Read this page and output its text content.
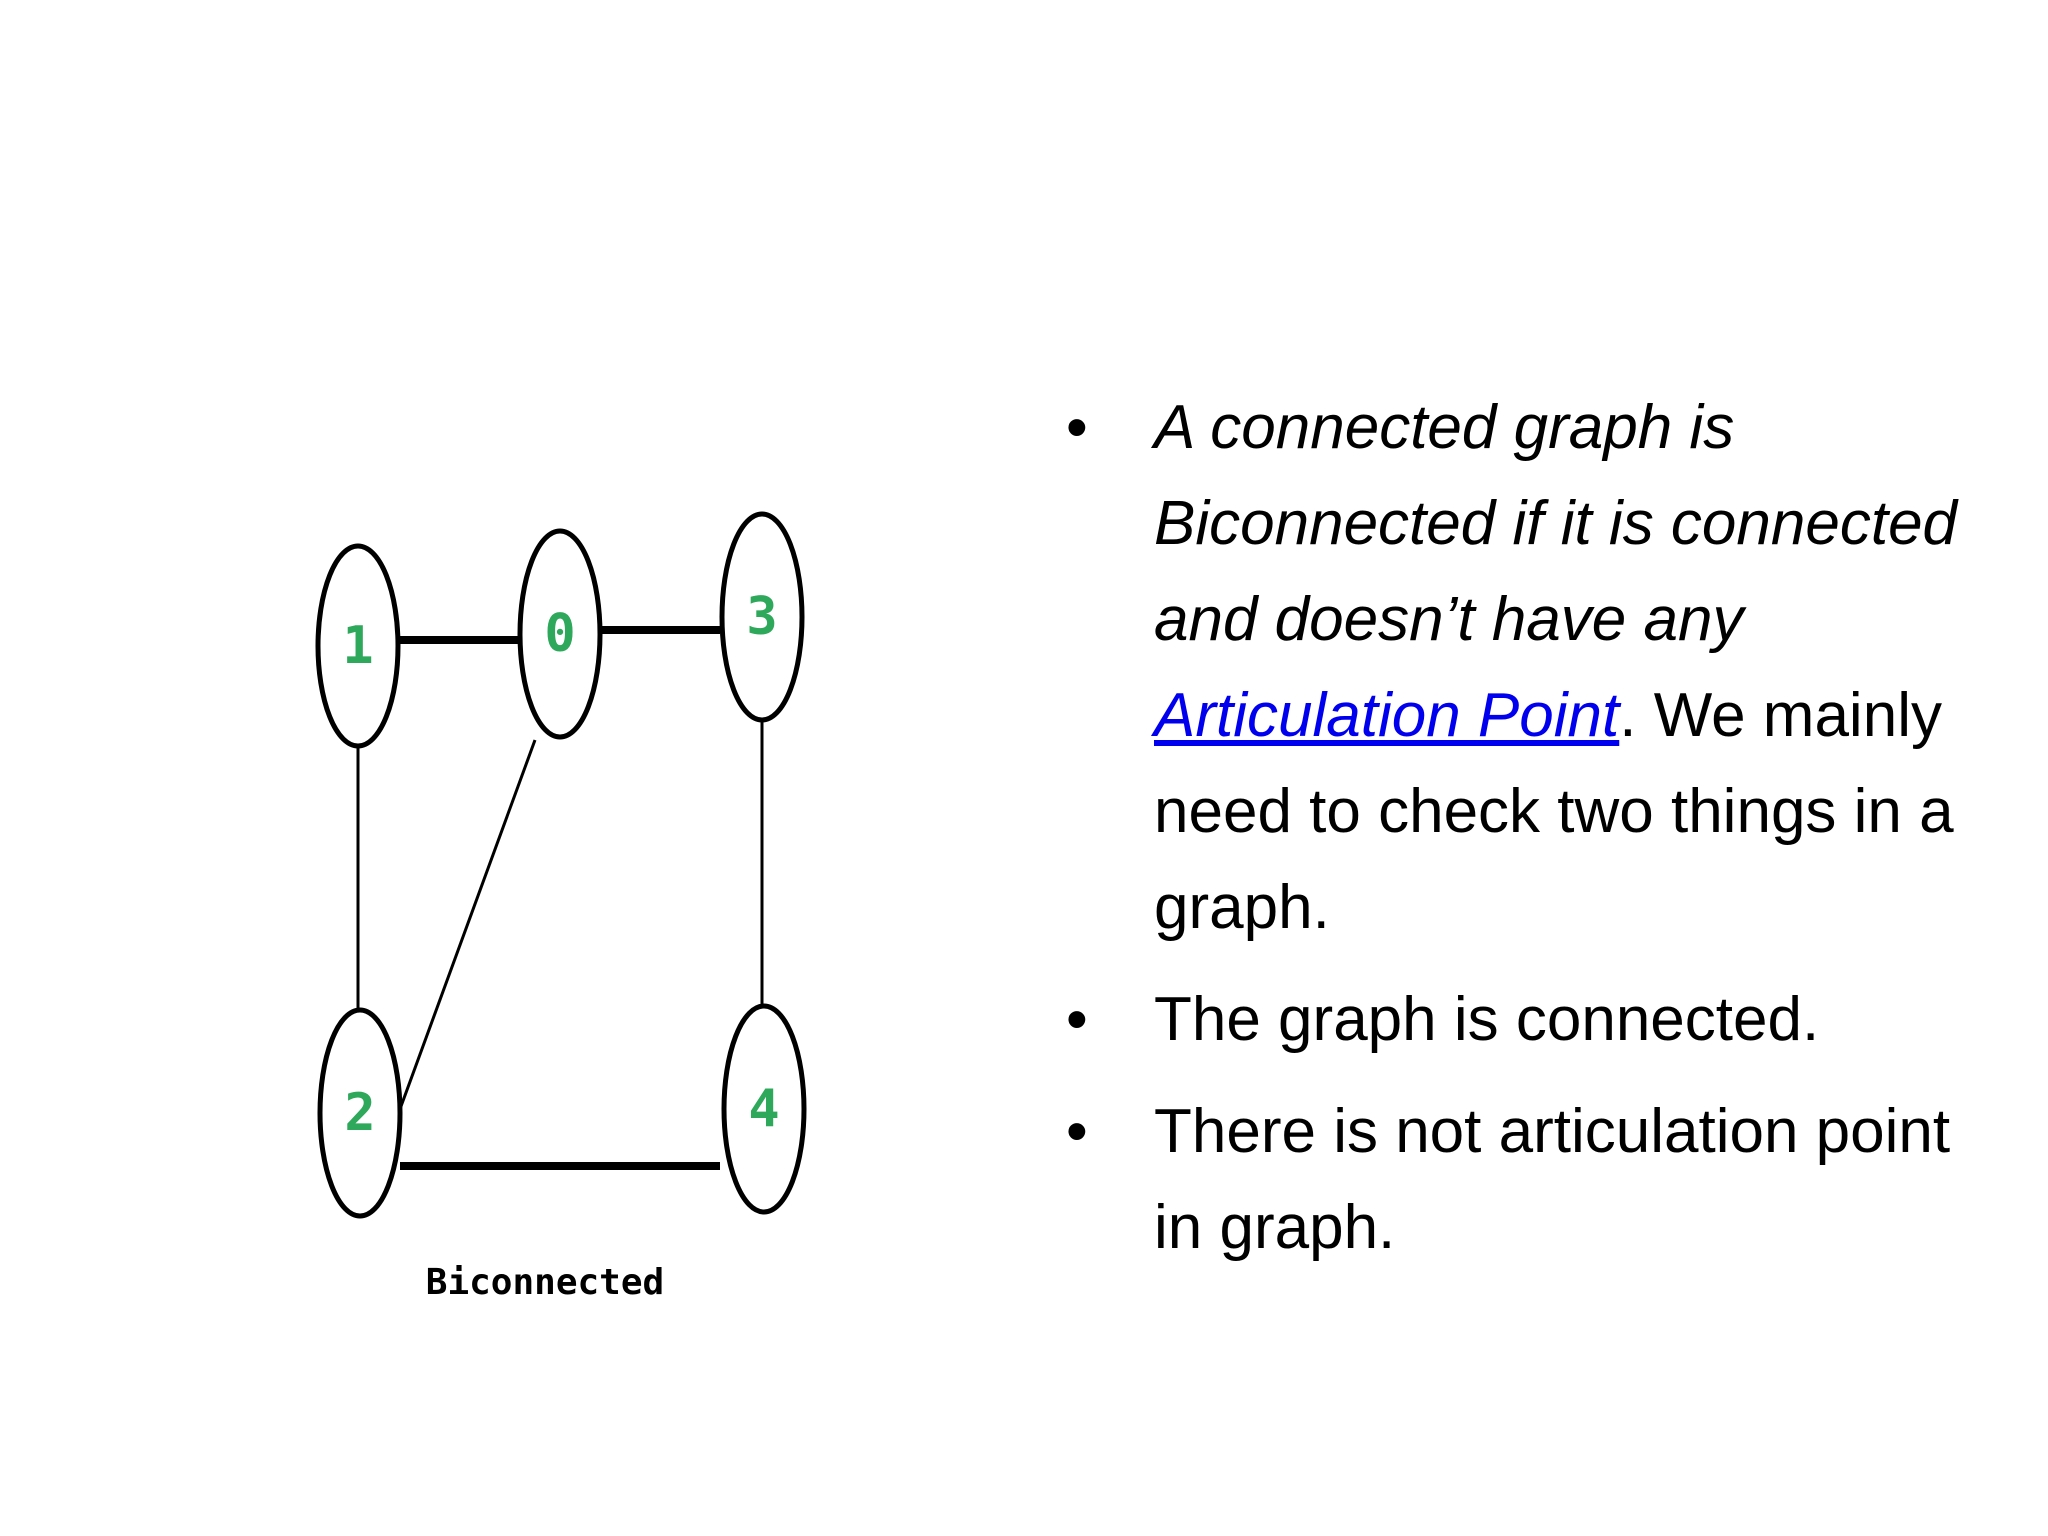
1	0	3
2	4
Biconnected
• A connected graph is Biconnected if it is connected and doesn’t have any Articulation Point. We mainly need to check two things in a graph.
• The graph is connected.
• There is not articulation point in graph.
